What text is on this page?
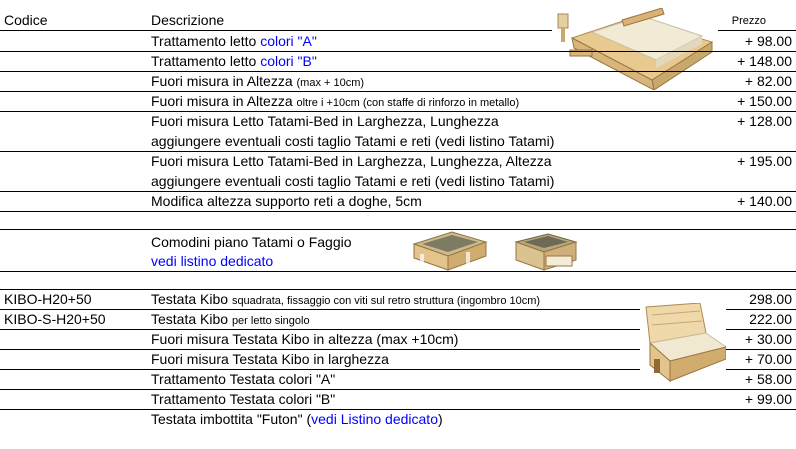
Codice	Descrizione	Prezzo
Trattamento letto colori "A"	+ 98.00
Trattamento letto colori "B"	+ 148.00
Fuori misura in Altezza (max + 10cm)	+ 82.00
Fuori misura in Altezza oltre i +10cm (con staffe di rinforzo in metallo)	+ 150.00
Fuori misura Letto Tatami-Bed in Larghezza, Lunghezza
aggiungere eventuali costi taglio Tatami e reti (vedi listino Tatami)
+ 128.00
Fuori misura Letto Tatami-Bed in Larghezza, Lunghezza, Altezza
aggiungere eventuali costi taglio Tatami e reti (vedi listino Tatami)
+ 195.00
Modifica altezza supporto reti a doghe, 5cm	+ 140.00
Comodini piano Tatami o Faggio
vedi listino dedicato
KIBO-H20+50	Testata Kibo squadrata, fissaggio con viti sul retro struttura (ingombro 10cm)	298.00
KIBO-S-H20+50	Testata Kibo per letto singolo	222.00
Fuori misura Testata Kibo in altezza (max +10cm)	+ 30.00
Fuori misura Testata Kibo in larghezza	+ 70.00
Trattamento Testata colori "A"	+ 58.00
Trattamento Testata colori "B"	+ 99.00
Testata imbottita "Futon" (vedi Listino dedicato)
